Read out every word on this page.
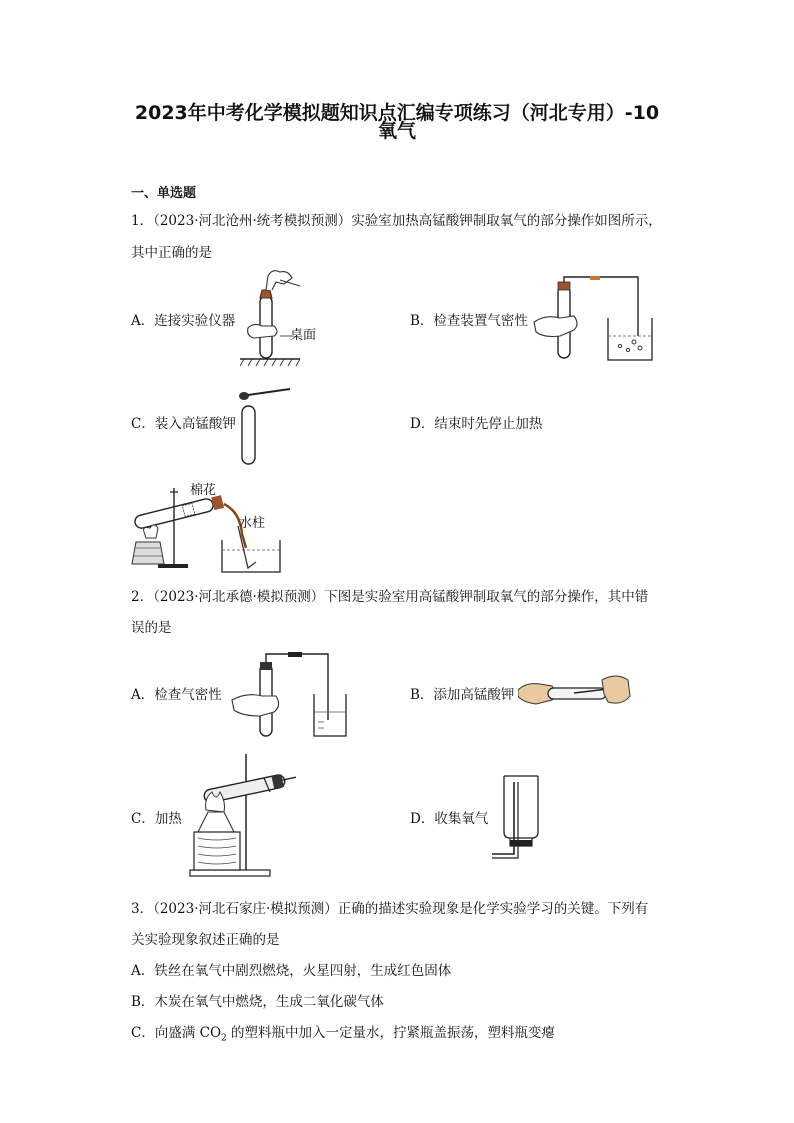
2023年中考化学模拟题知识点汇编专项练习（河北专用）-10
氧气
一、单选题
1．（2023·河北沧州·统考模拟预测）实验室加热高锰酸钾制取氧气的部分操作如图所示，
其中正确的是
A．连接实验仪器
桌面
B．检查装置气密性
C．装入高锰酸钾	D．结束时先停止加热
棉花
水柱
2．（2023·河北承德·模拟预测）下图是实验室用高锰酸钾制取氧气的部分操作，其中错
误的是
A．检查气密性	B．添加高锰酸钾
C．加热	D．收集氧气
3．（2023·河北石家庄·模拟预测）正确的描述实验现象是化学实验学习的关键。下列有
关实验现象叙述正确的是
A．铁丝在氧气中剧烈燃烧，火星四射，生成红色固体
B．木炭在氧气中燃烧，生成二氧化碳气体
C．向盛满 $CO_2$ 的塑料瓶中加入一定量水，拧紧瓶盖振荡，塑料瓶变瘪
